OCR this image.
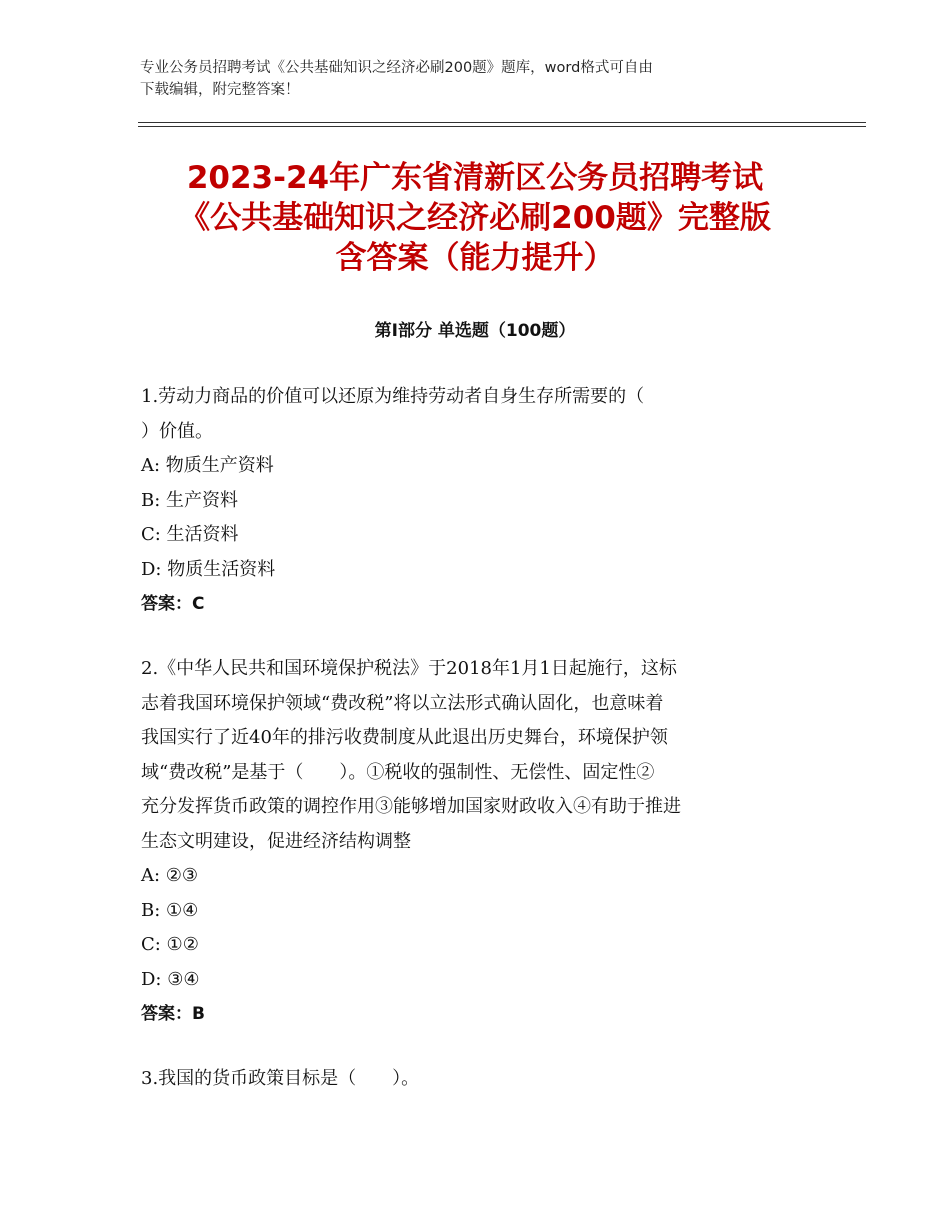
专业公务员招聘考试《公共基础知识之经济必刷200题》题库，word格式可自由
下载编辑，附完整答案！
2023-24年广东省清新区公务员招聘考试
《公共基础知识之经济必刷200题》完整版
含答案（能力提升）
第Ⅰ部分 单选题（100题）
1.劳动力商品的价值可以还原为维持劳动者自身生存所需要的（
）价值。
A: 物质生产资料
B: 生产资料
C: 生活资料
D: 物质生活资料
答案：C
2.《中华人民共和国环境保护税法》于2018年1月1日起施行，这标
志着我国环境保护领域“费改税”将以立法形式确认固化，也意味着
我国实行了近40年的排污收费制度从此退出历史舞台，环境保护领
域“费改税”是基于（　　）。①税收的强制性、无偿性、固定性②
充分发挥货币政策的调控作用③能够增加国家财政收入④有助于推进
生态文明建设，促进经济结构调整
A: ②③
B: ①④
C: ①②
D: ③④
答案：B
3.我国的货币政策目标是（　　）。
